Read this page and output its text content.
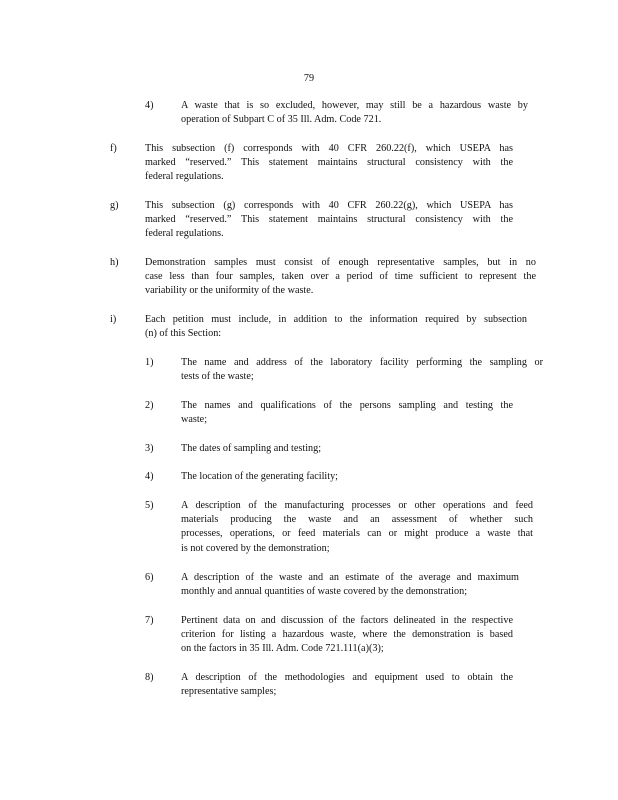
79
4)	A waste that is so excluded, however, may still be a hazardous waste by
operation of Subpart C of 35 Ill. Adm. Code 721.
f)	This subsection (f) corresponds with 40 CFR 260.22(f), which USEPA has
marked “reserved.” This statement maintains structural consistency with the
federal regulations.
g)	This subsection (g) corresponds with 40 CFR 260.22(g), which USEPA has
marked “reserved.” This statement maintains structural consistency with the
federal regulations.
h)	Demonstration samples must consist of enough representative samples, but in no
case less than four samples, taken over a period of time sufficient to represent the
variability or the uniformity of the waste.
i)	Each petition must include, in addition to the information required by subsection
(n) of this Section:
1)	The name and address of the laboratory facility performing the sampling or
tests of the waste;
2)	The names and qualifications of the persons sampling and testing the
waste;
3)	The dates of sampling and testing;
4)	The location of the generating facility;
5)	A description of the manufacturing processes or other operations and feed
materials producing the waste and an assessment of whether such
processes, operations, or feed materials can or might produce a waste that
is not covered by the demonstration;
6)	A description of the waste and an estimate of the average and maximum
monthly and annual quantities of waste covered by the demonstration;
7)	Pertinent data on and discussion of the factors delineated in the respective
criterion for listing a hazardous waste, where the demonstration is based
on the factors in 35 Ill. Adm. Code 721.111(a)(3);
8)	A description of the methodologies and equipment used to obtain the
representative samples;
